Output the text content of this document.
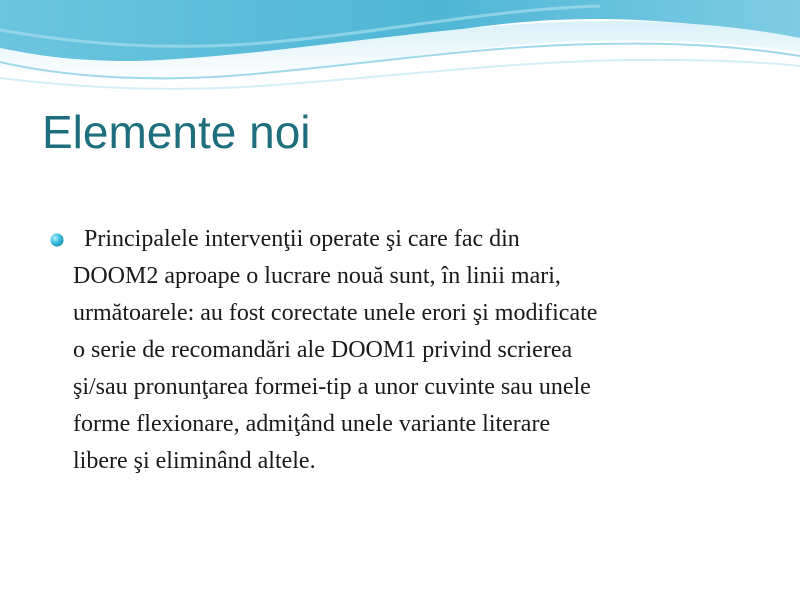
Elemente noi

Principalele intervenţii operate şi care fac din
DOOM2 aproape o lucrare nouă sunt, în linii mari,
următoarele: au fost corectate unele erori şi modificate
o serie de recomandări ale DOOM1 privind scrierea
şi/sau pronunţarea formei-tip a unor cuvinte sau unele
forme flexionare, admiţând unele variante literare
libere şi eliminând altele.
